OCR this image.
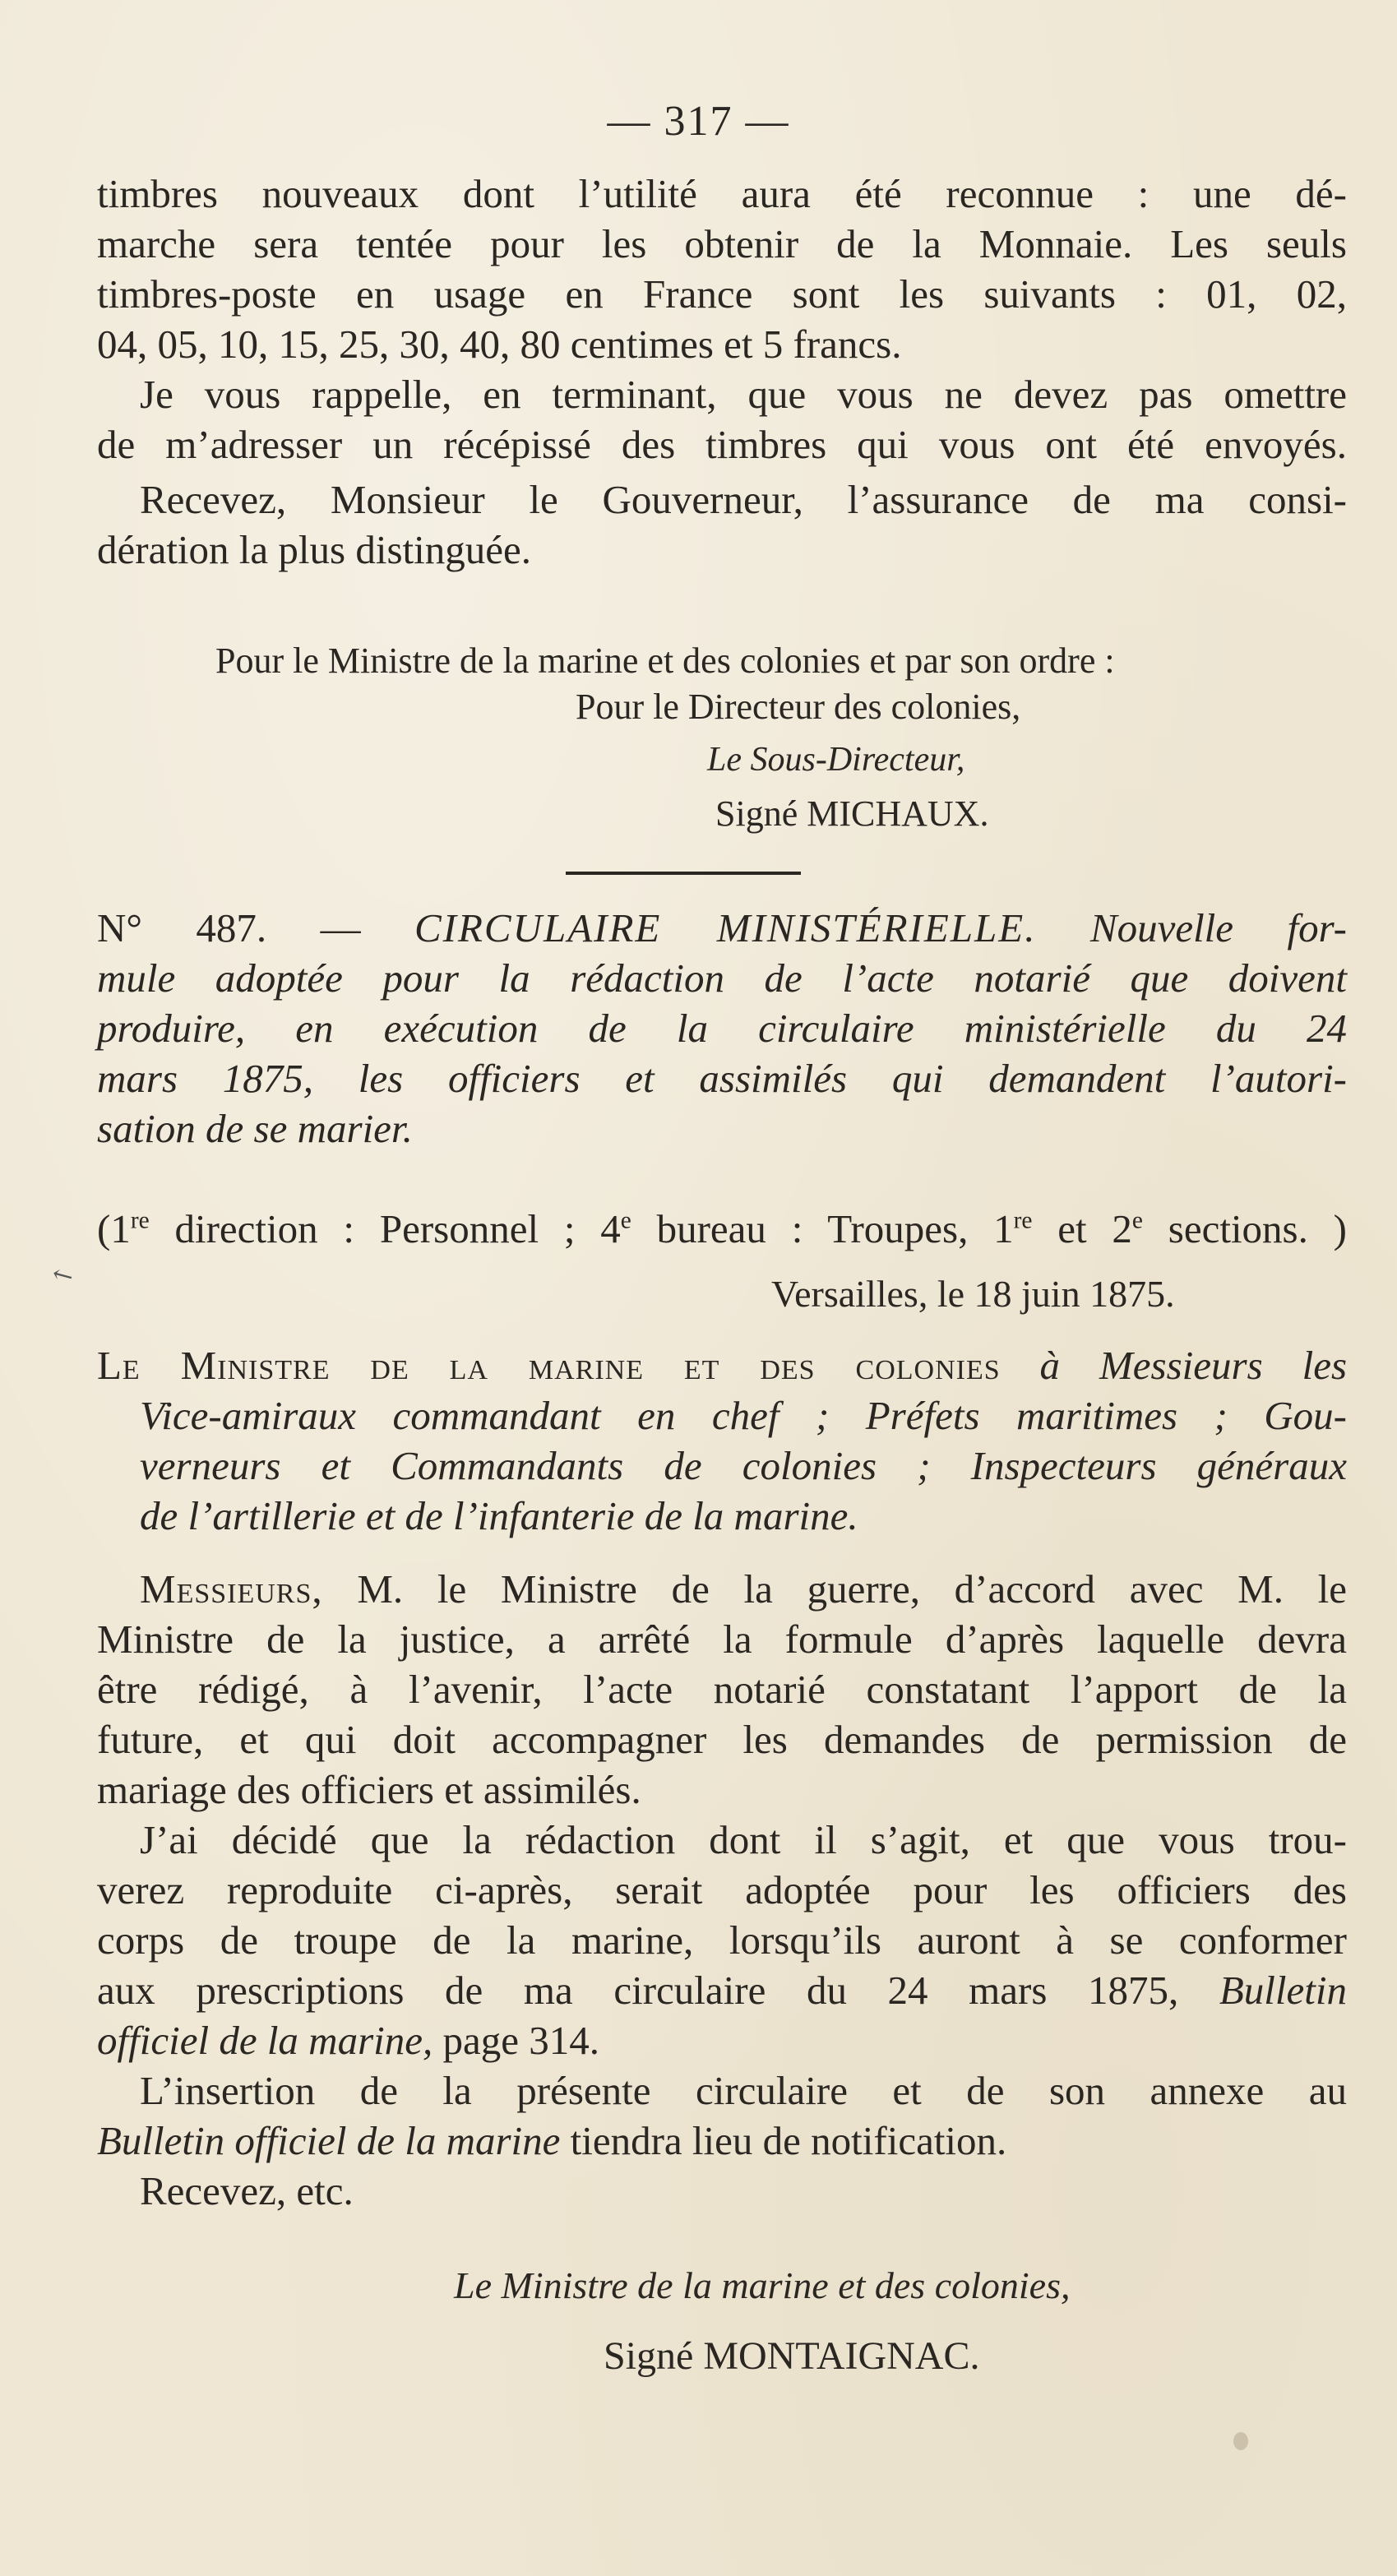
— 317 —
timbres nouveaux dont l’utilité aura été reconnue : une dé-
marche sera tentée pour les obtenir de la Monnaie. Les seuls
timbres-poste en usage en France sont les suivants : 01, 02,
04, 05, 10, 15, 25, 30, 40, 80 centimes et 5 francs.
Je vous rappelle, en terminant, que vous ne devez pas omettre
de m’adresser un récépissé des timbres qui vous ont été envoyés.
Recevez, Monsieur le Gouverneur, l’assurance de ma consi-
dération la plus distinguée.
Pour le Ministre de la marine et des colonies et par son ordre :
Pour le Directeur des colonies,
Le Sous-Directeur,
Signé MICHAUX.
N° 487. — CIRCULAIRE MINISTÉRIELLE. Nouvelle for-
mule adoptée pour la rédaction de l’acte notarié que doivent
produire, en exécution de la circulaire ministérielle du 24
mars 1875, les officiers et assimilés qui demandent l’autori-
sation de se marier.
(1re direction : Personnel ; 4e bureau : Troupes, 1re et 2e sections. )
Versailles, le 18 juin 1875.
Le Ministre de la marine et des colonies à Messieurs les
Vice-amiraux commandant en chef ; Préfets maritimes ; Gou-
verneurs et Commandants de colonies ; Inspecteurs généraux
de l’artillerie et de l’infanterie de la marine.
Messieurs, M. le Ministre de la guerre, d’accord avec M. le
Ministre de la justice, a arrêté la formule d’après laquelle devra
être rédigé, à l’avenir, l’acte notarié constatant l’apport de la
future, et qui doit accompagner les demandes de permission de
mariage des officiers et assimilés.
J’ai décidé que la rédaction dont il s’agit, et que vous trou-
verez reproduite ci-après, serait adoptée pour les officiers des
corps de troupe de la marine, lorsqu’ils auront à se conformer
aux prescriptions de ma circulaire du 24 mars 1875, Bulletin
officiel de la marine, page 314.
L’insertion de la présente circulaire et de son annexe au
Bulletin officiel de la marine tiendra lieu de notification.
Recevez, etc.
Le Ministre de la marine et des colonies,
Signé MONTAIGNAC.
↖
